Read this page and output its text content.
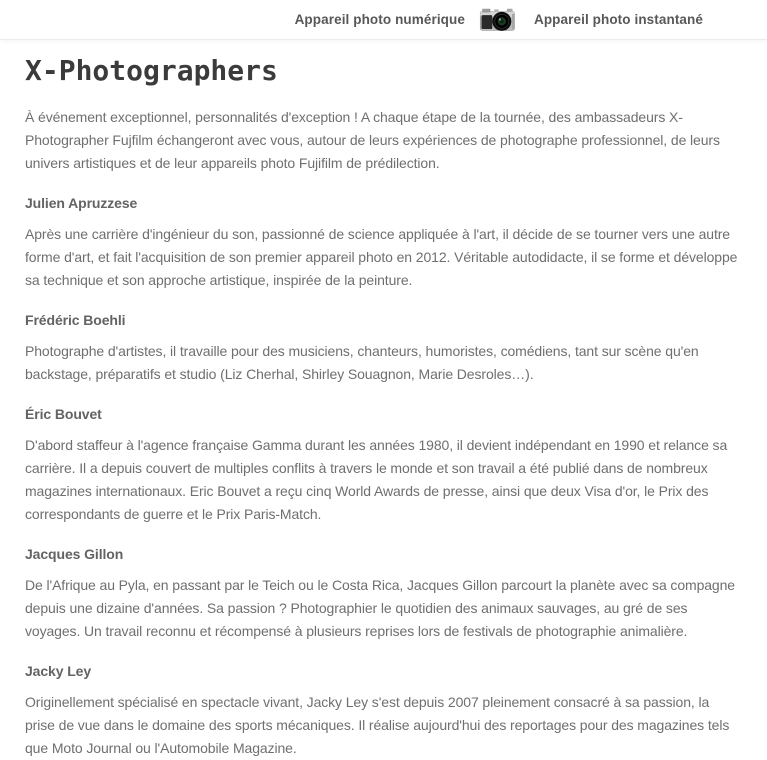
Appareil photo numérique	Appareil photo instantané
X-Photographers

À événement exceptionnel, personnalités d'exception ! A chaque étape de la tournée, des ambassadeurs X-Photographer Fujfilm échangeront avec vous, autour de leurs expériences de photographe professionnel, de leurs univers artistiques et de leur appareils photo Fujifilm de prédilection.

Julien Apruzzese

Après une carrière d'ingénieur du son, passionné de science appliquée à l'art, il décide de se tourner vers une autre forme d'art, et fait l'acquisition de son premier appareil photo en 2012. Véritable autodidacte, il se forme et développe sa technique et son approche artistique, inspirée de la peinture.

Frédéric Boehli

Photographe d'artistes, il travaille pour des musiciens, chanteurs, humoristes, comédiens, tant sur scène qu'en backstage, préparatifs et studio (Liz Cherhal, Shirley Souagnon, Marie Desroles…).

Éric Bouvet

D'abord staffeur à l'agence française Gamma durant les années 1980, il devient indépendant en 1990 et relance sa carrière. Il a depuis couvert de multiples conflits à travers le monde et son travail a été publié dans de nombreux magazines internationaux. Eric Bouvet a reçu cinq World Awards de presse, ainsi que deux Visa d'or, le Prix des correspondants de guerre et le Prix Paris-Match.

Jacques Gillon

De l'Afrique au Pyla, en passant par le Teich ou le Costa Rica, Jacques Gillon parcourt la planète avec sa compagne depuis une dizaine d'années. Sa passion ? Photographier le quotidien des animaux sauvages, au gré de ses voyages. Un travail reconnu et récompensé à plusieurs reprises lors de festivals de photographie animalière.

Jacky Ley

Originellement spécialisé en spectacle vivant, Jacky Ley s'est depuis 2007 pleinement consacré à sa passion, la prise de vue dans le domaine des sports mécaniques. Il réalise aujourd'hui des reportages pour des magazines tels que Moto Journal ou l'Automobile Magazine.
